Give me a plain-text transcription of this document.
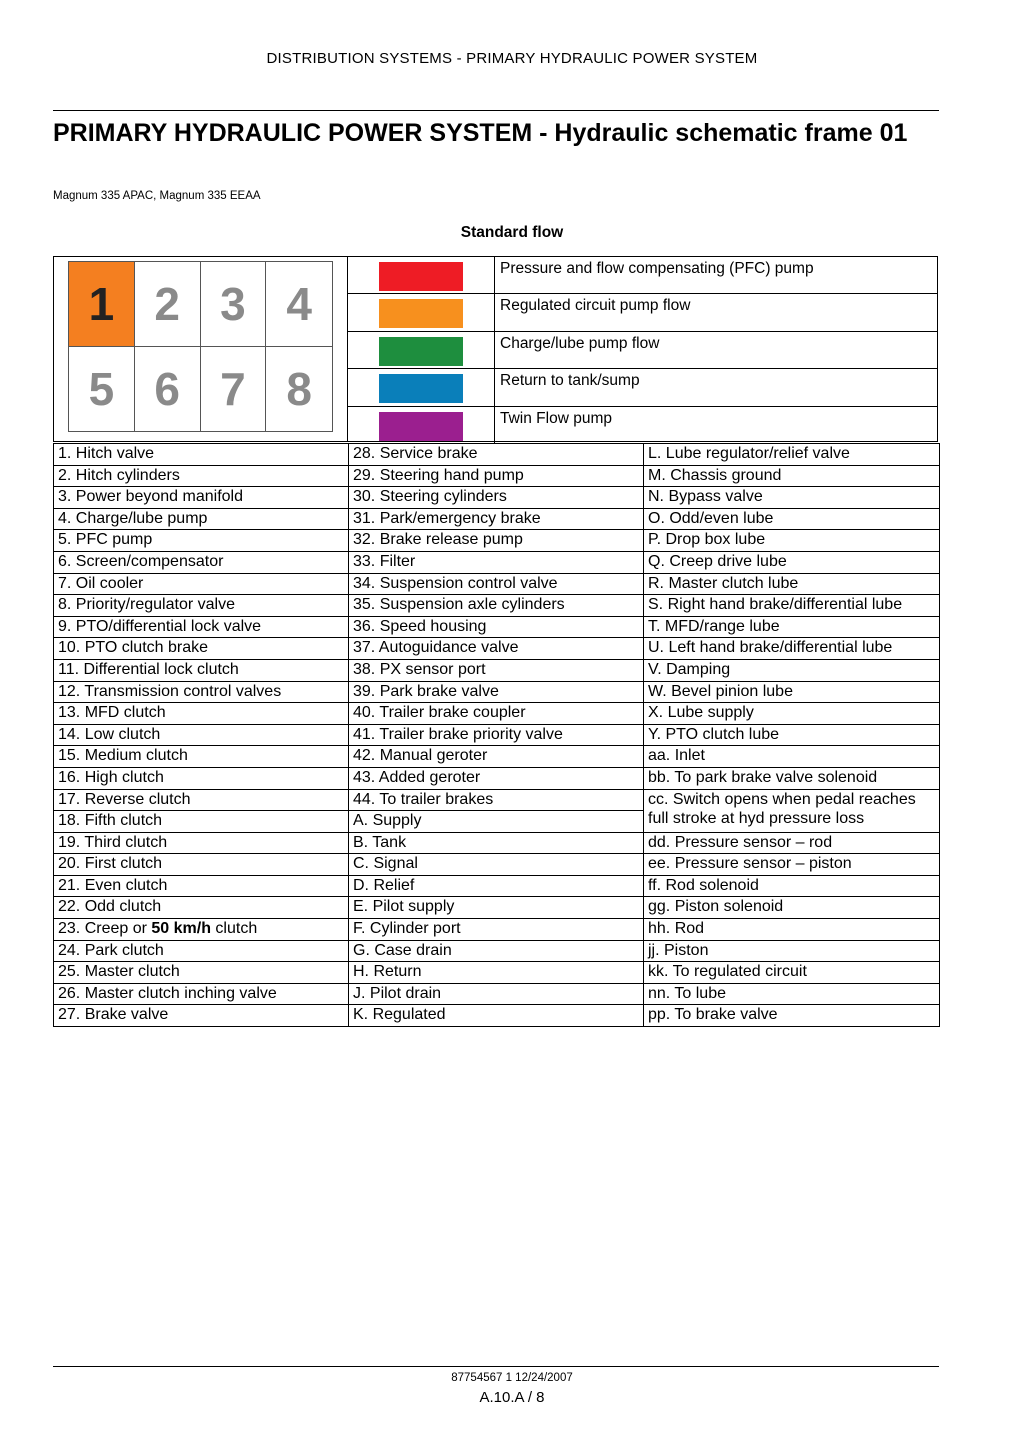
DISTRIBUTION SYSTEMS - PRIMARY HYDRAULIC POWER SYSTEM
PRIMARY HYDRAULIC POWER SYSTEM - Hydraulic schematic frame 01
Magnum 335 APAC, Magnum 335 EEAA
Standard flow
1 2 3 4
5 6 7 8
Pressure and flow compensating (PFC) pump
Regulated circuit pump flow
Charge/lube pump flow
Return to tank/sump
Twin Flow pump
1. Hitch valve	28. Service brake	L. Lube regulator/relief valve
2. Hitch cylinders	29. Steering hand pump	M. Chassis ground
3. Power beyond manifold	30. Steering cylinders	N. Bypass valve
4. Charge/lube pump	31. Park/emergency brake	O. Odd/even lube
5. PFC pump	32. Brake release pump	P. Drop box lube
6. Screen/compensator	33. Filter	Q. Creep drive lube
7. Oil cooler	34. Suspension control valve	R. Master clutch lube
8. Priority/regulator valve	35. Suspension axle cylinders	S. Right hand brake/differential lube
9. PTO/differential lock valve	36. Speed housing	T. MFD/range lube
10. PTO clutch brake	37. Autoguidance valve	U. Left hand brake/differential lube
11. Differential lock clutch	38. PX sensor port	V. Damping
12. Transmission control valves	39. Park brake valve	W. Bevel pinion lube
13. MFD clutch	40. Trailer brake coupler	X. Lube supply
14. Low clutch	41. Trailer brake priority valve	Y. PTO clutch lube
15. Medium clutch	42. Manual geroter	aa. Inlet
16. High clutch	43. Added geroter	bb. To park brake valve solenoid
17. Reverse clutch	44. To trailer brakes	cc. Switch opens when pedal reaches full stroke at hyd pressure loss
18. Fifth clutch	A. Supply	
19. Third clutch	B. Tank	dd. Pressure sensor – rod
20. First clutch	C. Signal	ee. Pressure sensor – piston
21. Even clutch	D. Relief	ff. Rod solenoid
22. Odd clutch	E. Pilot supply	gg. Piston solenoid
23. Creep or 50 km/h clutch	F. Cylinder port	hh. Rod
24. Park clutch	G. Case drain	jj. Piston
25. Master clutch	H. Return	kk. To regulated circuit
26. Master clutch inching valve	J. Pilot drain	nn. To lube
27. Brake valve	K. Regulated	pp. To brake valve
87754567 1 12/24/2007
A.10.A / 8
